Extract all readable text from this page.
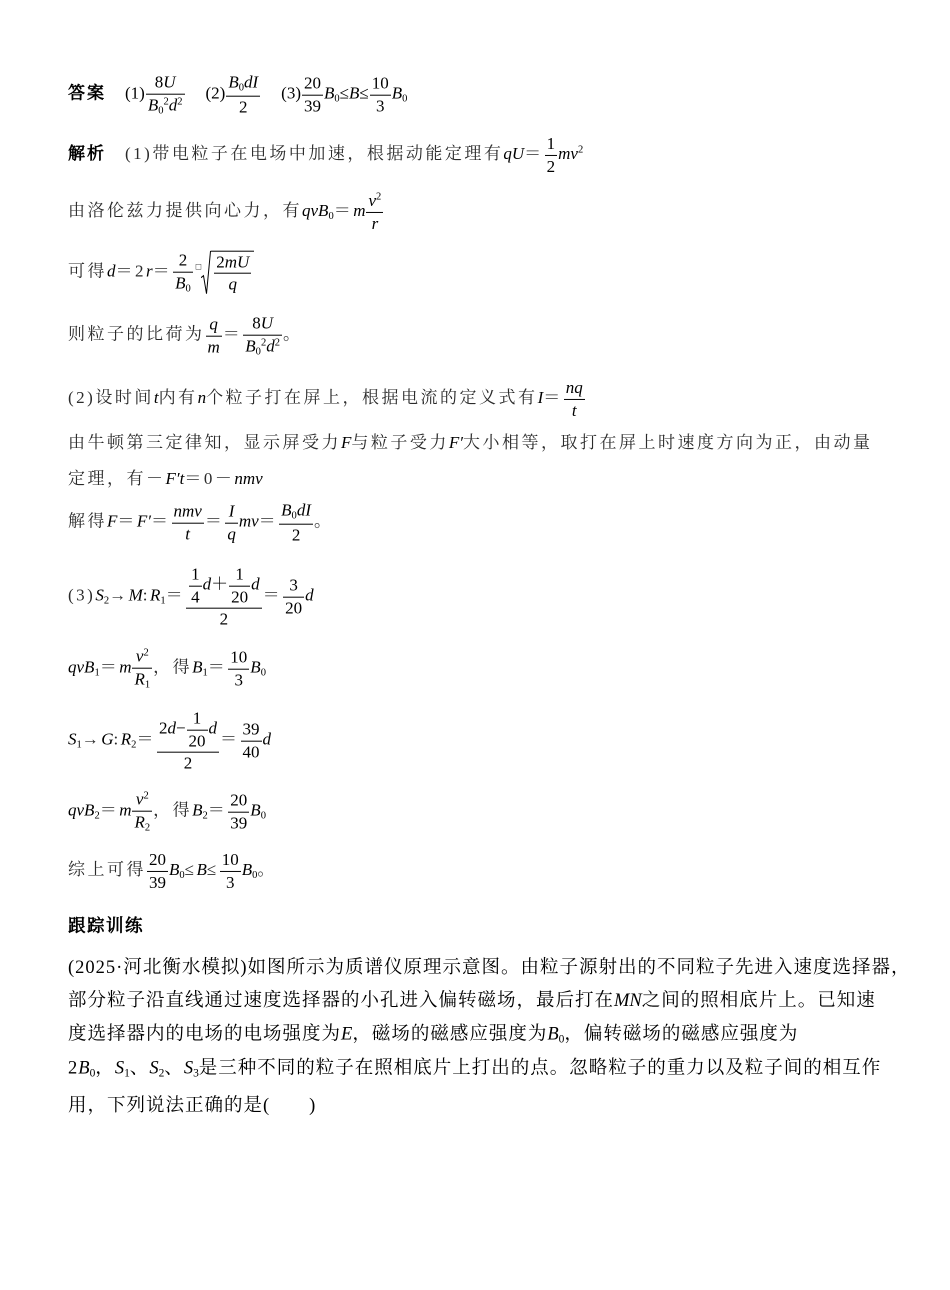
答案 $(1) \frac{8U}{B_0^2d^2} (2) \frac{B_0dI}{2} (3) \frac{20}{39} B_0\le B\le \frac{10}{3} B_0$
解析 (1)带电粒子在电场中加速，根据动能定理有$qU= \frac{1}{2} mv^2$
由洛伦兹力提供向心力，有$qvB_0=m \frac{v^2}{r}$
可得$d=2r= \frac{2}{B_0}$ □ $\frac{2mU}{q}$
则粒子的比荷为 $\frac{q}{m} = \frac{8U}{B_0^2d^2}$ 。
(2)设时间t内有n个粒子打在屏上，根据电流的定义式有$I= \frac{nq}{t}$
由牛顿第三定律知，显示屏受力F与粒子受力F′大小相等，取打在屏上时速度方向为正，由动量
定理，有－F′t＝0－nmv
解得$F=F'= \frac{\text{nmv}}{t} = \frac{I}{q} mv= \frac{B_0dI}{2}$ 。
$(3)S_2\to M:R_1= \frac{\frac{1}{4} d+ \frac{1}{20} d}{2} = \frac{3}{20}$ d
$qvB_1=m \frac{v^2}{R_1}$ ，得$B_1= \frac{10}{3} B_0$
$S_1\to G:R_2= \frac{2d- \frac{1}{20} d}{2} = \frac{39}{40}$ d
$qvB_2=m \frac{v^2}{R_2}$ ，得$B_2= \frac{20}{39} B_0$
综上可得 $\frac{20}{39} B_0\le B\le \frac{10}{3} B_0$。
跟踪训练
(2025·河北衡水模拟)如图所示为质谱仪原理示意图。由粒子源射出的不同粒子先进入速度选择器，
部分粒子沿直线通过速度选择器的小孔进入偏转磁场，最后打在MN之间的照相底片上。已知速
度选择器内的电场的电场强度为E，磁场的磁感应强度为$B_0$，偏转磁场的磁感应强度为
$2B_0$，$S_1$、$S_2$、$S_3$是三种不同的粒子在照相底片上打出的点。忽略粒子的重力以及粒子间的相互作
用，下列说法正确的是(　　)
